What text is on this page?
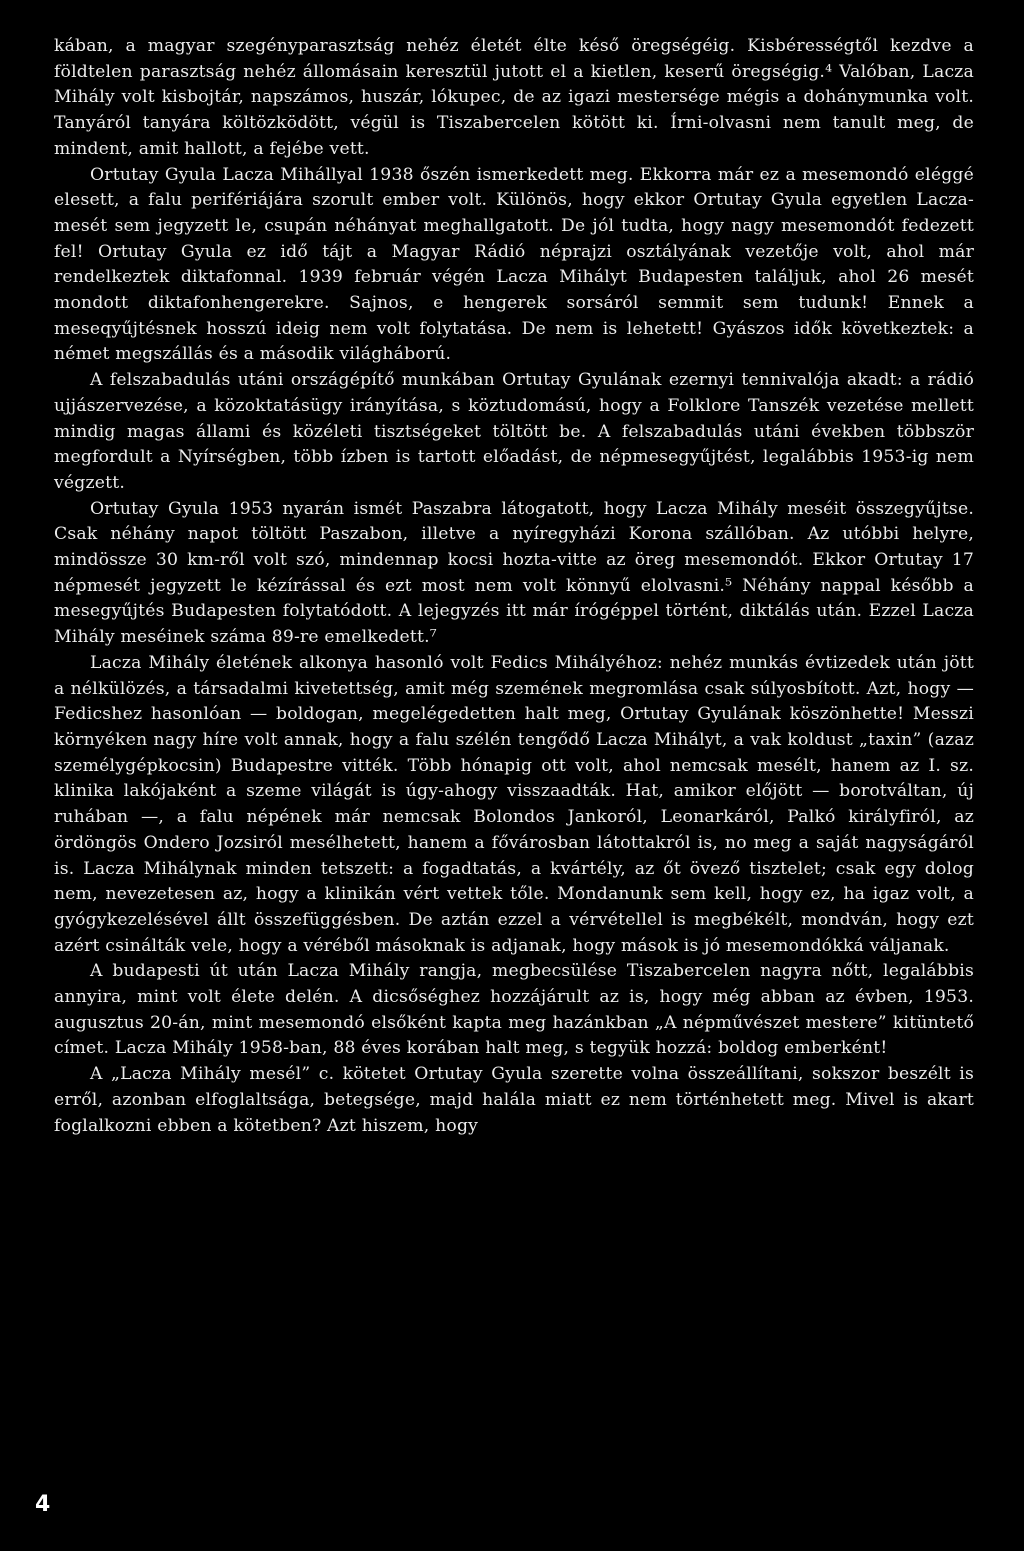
kában, a magyar szegényparasztság nehéz életét élte késő öregségéig. Kisbérességtől kezdve a földtelen parasztság nehéz állomásain keresztül jutott el a kietlen, keserű öregségig.⁴ Valóban, Lacza Mihály volt kisbojtár, napszámos, huszár, lókupec, de az igazi mestersége mégis a dohánymunka volt. Tanyáról tanyára költözködött, végül is Tiszabercelen kötött ki. Írni-olvasni nem tanult meg, de mindent, amit hallott, a fejébe vett.

Ortutay Gyula Lacza Mihállyal 1938 őszén ismerkedett meg. Ekkorra már ez a mesemondó eléggé elesett, a falu perifériájára szorult ember volt. Különös, hogy ekkor Ortutay Gyula egyetlen Lacza-mesét sem jegyzett le, csupán néhányat meghallgatott. De jól tudta, hogy nagy mesemondót fedezett fel! Ortutay Gyula ez idő tájt a Magyar Rádió néprajzi osztályának vezetője volt, ahol már rendelkeztek diktafonnal. 1939 február végén Lacza Mihályt Budapesten találjuk, ahol 26 mesét mondott diktafonhengerekre. Sajnos, e hengerek sorsáról semmit sem tudunk! Ennek a meseqyűjtésnek hosszú ideig nem volt folytatása. De nem is lehetett! Gyászos idők következtek: a német megszállás és a második világháború.

A felszabadulás utáni országépítő munkában Ortutay Gyulának ezernyi tennivalója akadt: a rádió ujjászervezése, a közoktatásügy irányítása, s köztudomású, hogy a Folklore Tanszék vezetése mellett mindig magas állami és közéleti tisztségeket töltött be. A felszabadulás utáni években többször megfordult a Nyírségben, több ízben is tartott előadást, de népmesegyűjtést, legalábbis 1953-ig nem végzett.

Ortutay Gyula 1953 nyarán ismét Paszabra látogatott, hogy Lacza Mihály meséit összegyűjtse. Csak néhány napot töltött Paszabon, illetve a nyíregyházi Korona szállóban. Az utóbbi helyre, mindössze 30 km-ről volt szó, mindennap kocsi hozta-vitte az öreg mesemondót. Ekkor Ortutay 17 népmesét jegyzett le kézírással és ezt most nem volt könnyű elolvasni.⁵ Néhány nappal később a mesegyűjtés Budapesten folytatódott. A lejegyzés itt már írógéppel történt, diktálás után. Ezzel Lacza Mihály meséinek száma 89-re emelkedett.⁷

Lacza Mihály életének alkonya hasonló volt Fedics Mihályéhoz: nehéz munkás évtizedek után jött a nélkülözés, a társadalmi kivetettség, amit még szemének megromlása csak súlyosbított. Azt, hogy — Fedicshez hasonlóan — boldogan, megelégedetten halt meg, Ortutay Gyulának köszönhette! Messzi környéken nagy híre volt annak, hogy a falu szélén tengődő Lacza Mihályt, a vak koldust „taxin” (azaz személygépkocsin) Budapestre vitték. Több hónapig ott volt, ahol nemcsak mesélt, hanem az I. sz. klinika lakójaként a szeme világát is úgy-ahogy visszaadták. Hat, amikor előjött — borotváltan, új ruhában —, a falu népének már nemcsak Bolondos Jankoról, Leonarkáról, Palkó királyfiról, az ördöngös Ondero Jozsiról mesélhetett, hanem a fővárosban látottakról is, no meg a saját nagyságáról is. Lacza Mihálynak minden tetszett: a fogadtatás, a kvártély, az őt övező tisztelet; csak egy dolog nem, nevezetesen az, hogy a klinikán vért vettek tőle. Mondanunk sem kell, hogy ez, ha igaz volt, a gyógykezelésével állt összefüggésben. De aztán ezzel a vérvétellel is megbékélt, mondván, hogy ezt azért csinálták vele, hogy a véréből másoknak is adjanak, hogy mások is jó mesemondókká váljanak.

A budapesti út után Lacza Mihály rangja, megbecsülése Tiszabercelen nagyra nőtt, legalábbis annyira, mint volt élete delén. A dicsőséghez hozzájárult az is, hogy még abban az évben, 1953. augusztus 20-án, mint mesemondó elsőként kapta meg hazánkban „A népművészet mestere” kitüntető címet. Lacza Mihály 1958-ban, 88 éves korában halt meg, s tegyük hozzá: boldog emberként!

A „Lacza Mihály mesél” c. kötetet Ortutay Gyula szerette volna összeállítani, sokszor beszélt is erről, azonban elfoglaltsága, betegsége, majd halála miatt ez nem történhetett meg. Mivel is akart foglalkozni ebben a kötetben? Azt hiszem, hogy

4
